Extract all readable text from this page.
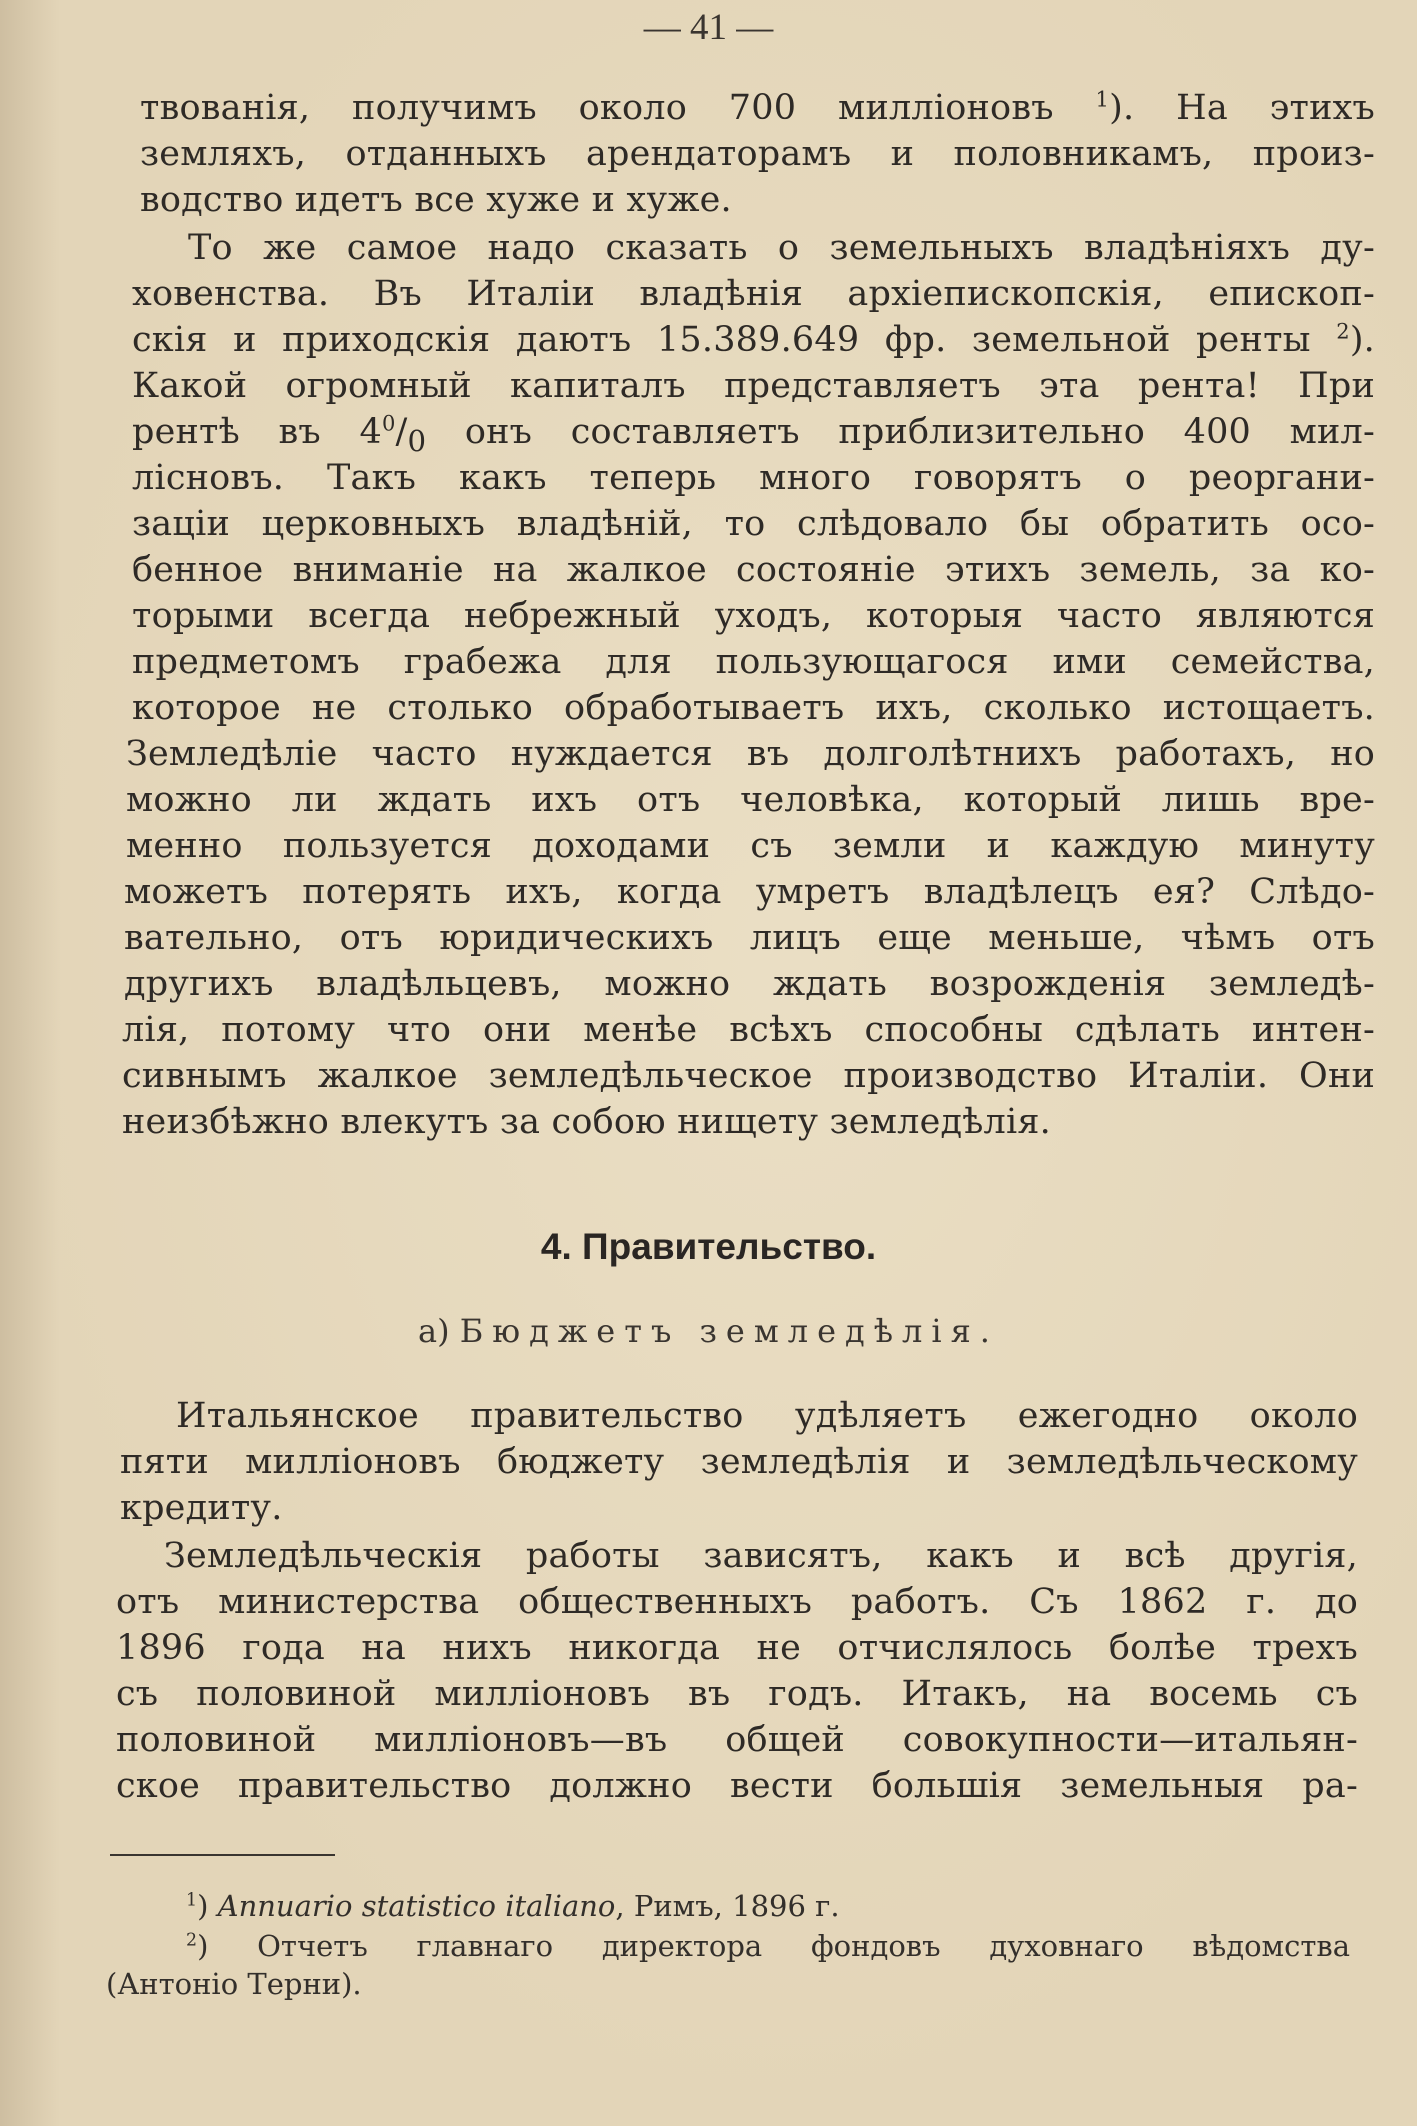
— 41 —
твованія, получимъ около 700 милліоновъ $^1$). На этихъ
земляхъ, отданныхъ арендаторамъ и половникамъ, произ-
водство идетъ все хуже и хуже.
То же самое надо сказать о земельныхъ владѣніяхъ ду-
ховенства. Въ Италіи владѣнія архіепископскія, епископ-
скія и приходскія даютъ 15.389.649 фр. земельной ренты $^2$).
Какой огромный капиталъ представляетъ эта рента! При
рентѣ въ $4^0/_0$ онъ составляетъ приблизительно 400 мил-
лісновъ. Такъ какъ теперь много говорятъ о реоргани-
заціи церковныхъ владѣній, то слѣдовало бы обратить осо-
бенное вниманіе на жалкое состояніе этихъ земель, за ко-
торыми всегда небрежный уходъ, которыя часто являются
предметомъ грабежа для пользующагося ими семейства,
которое не столько обработываетъ ихъ, сколько истощаетъ.
Земледѣліе часто нуждается въ долголѣтнихъ работахъ, но
можно ли ждать ихъ отъ человѣка, который лишь вре-
менно пользуется доходами съ земли и каждую минуту
можетъ потерять ихъ, когда умретъ владѣлецъ ея? Слѣдо-
вательно, отъ юридическихъ лицъ еще меньше, чѣмъ отъ
другихъ владѣльцевъ, можно ждать возрожденія земледѣ-
лія, потому что они менѣе всѣхъ способны сдѣлать интен-
сивнымъ жалкое земледѣльческое производство Италіи. Они
неизбѣжно влекутъ за собою нищету земледѣлія.
4. Правительство.
a) Бюджетъ земледѣлія.
Итальянское правительство удѣляетъ ежегодно около
пяти милліоновъ бюджету земледѣлія и земледѣльческому
кредиту.
Земледѣльческія работы зависятъ, какъ и всѣ другія,
отъ министерства общественныхъ работъ. Съ 1862 г. до
1896 года на нихъ никогда не отчислялось болѣе трехъ
съ половиной милліоновъ въ годъ. Итакъ, на восемь съ
половиной милліоновъ—въ общей совокупности—итальян-
ское правительство должно вести большія земельныя ра-
$^1$) Annuario statistico italiano, Римъ, 1896 г.
$^2$) Отчетъ главнаго директора фондовъ духовнаго вѣдомства
(Антоніо Терни).
